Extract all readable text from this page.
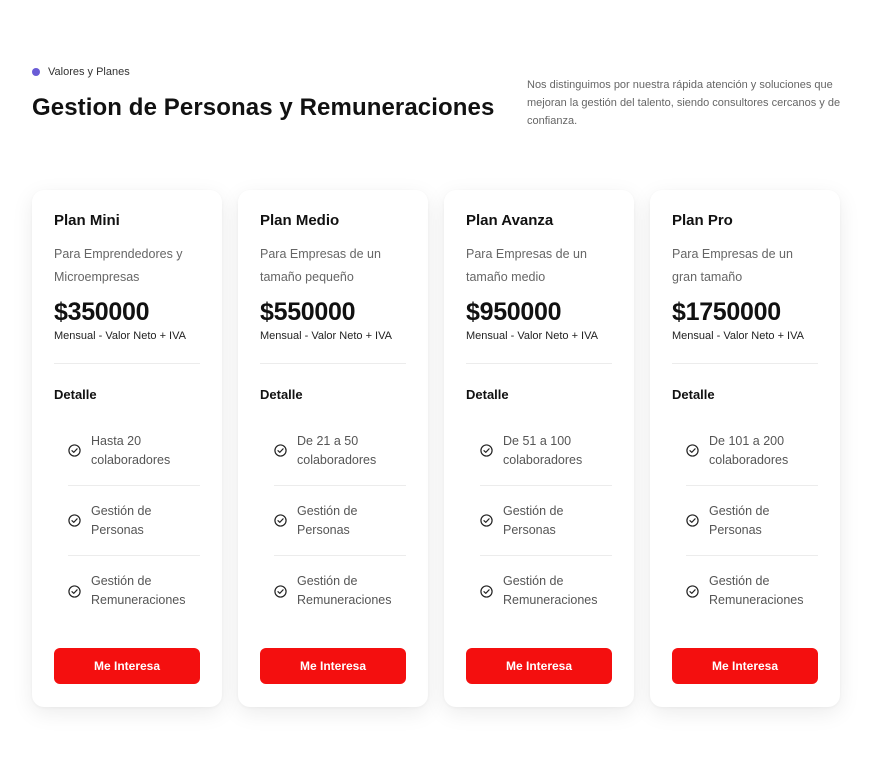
Valores y Planes
Gestion de Personas y Remuneraciones

Nos distinguimos por nuestra rápida atención y soluciones que mejoran la gestión del talento, siendo consultores cercanos y de confianza.

Plan Mini

Para Emprendedores y Microempresas

$350000
Mensual - Valor Neto + IVA
Detalle
Hasta 20 colaboradores
Gestión de Personas
Gestión de Remuneraciones
Me Interesa
Plan Medio

Para Empresas de un tamaño pequeño

$550000
Mensual - Valor Neto + IVA
Detalle
De 21 a 50 colaboradores
Gestión de Personas
Gestión de Remuneraciones
Me Interesa
Plan Avanza

Para Empresas de un tamaño medio

$950000
Mensual - Valor Neto + IVA
Detalle
De 51 a 100 colaboradores
Gestión de Personas
Gestión de Remuneraciones
Me Interesa
Plan Pro

Para Empresas de un gran tamaño

$1750000
Mensual - Valor Neto + IVA
Detalle
De 101 a 200 colaboradores
Gestión de Personas
Gestión de Remuneraciones
Me Interesa
